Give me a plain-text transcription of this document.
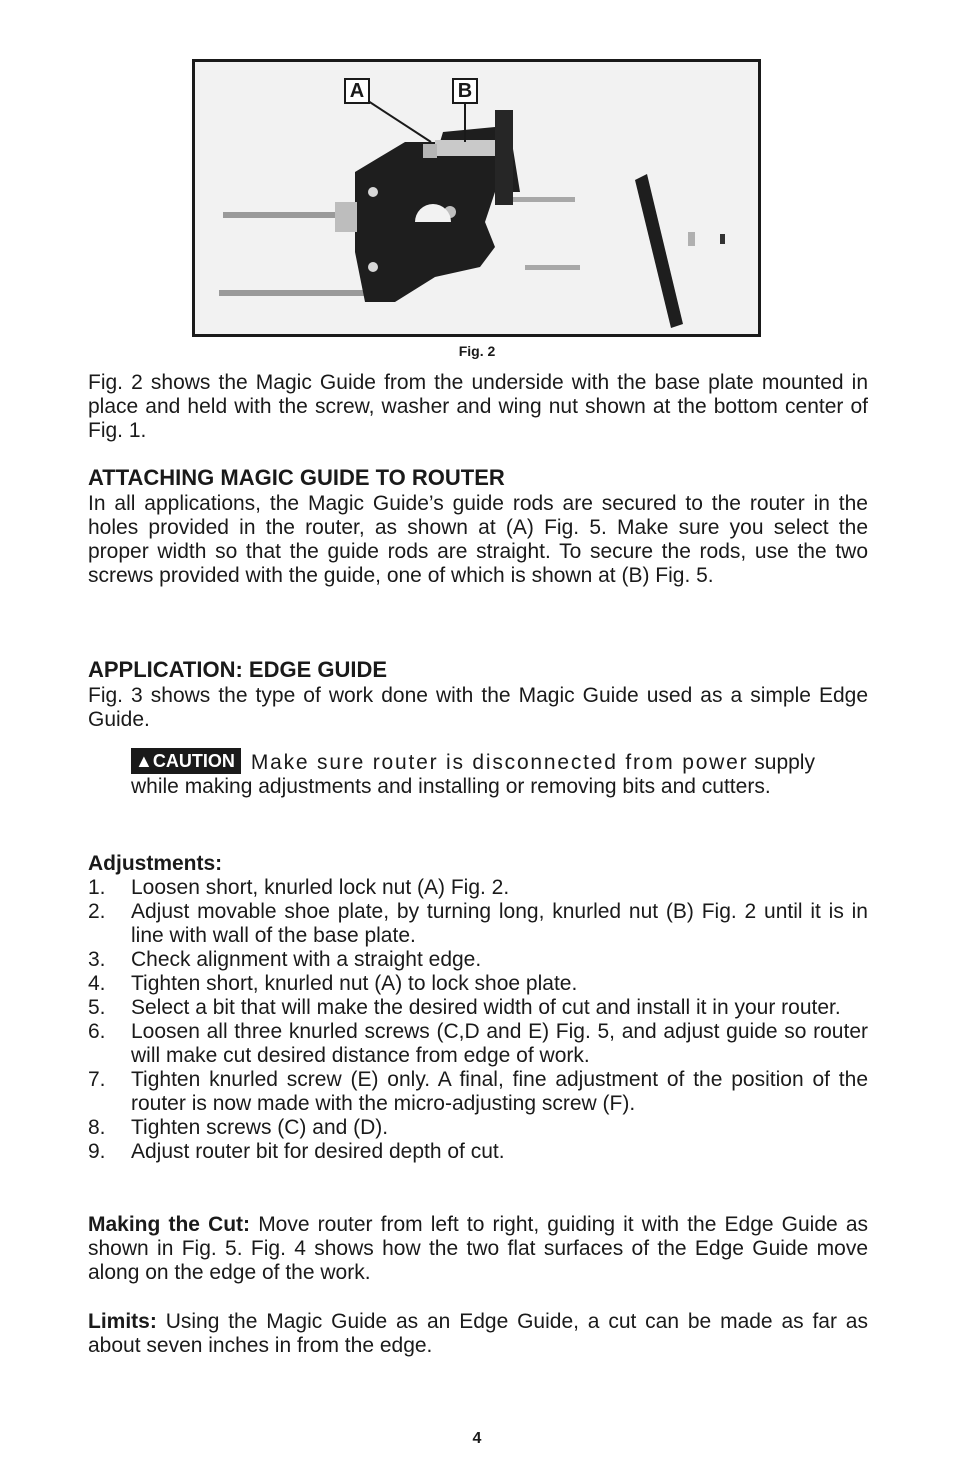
A	B
Fig. 2

Fig. 2 shows the Magic Guide from the underside with the base plate mounted in place and held with the screw, washer and wing nut shown at the bottom center of Fig. 1.

ATTACHING MAGIC GUIDE TO ROUTER

In all applications, the Magic Guide’s guide rods are secured to the router in the holes provided in the router, as shown at (A) Fig. 5. Make sure you select the proper width so that the guide rods are straight. To secure the rods, use the two screws provided with the guide, one of which is shown at (B) Fig. 5.

APPLICATION: EDGE GUIDE

Fig. 3 shows the type of work done with the Magic Guide used as a simple Edge Guide.

▲CAUTION Make sure router is disconnected from power supply while making adjustments and installing or removing bits and cutters.

Adjustments:

1.	Loosen short, knurled lock nut (A) Fig. 2.
2.	Adjust movable shoe plate, by turning long, knurled nut (B) Fig. 2 until it is in line with wall of the base plate.
3.	Check alignment with a straight edge.
4.	Tighten short, knurled nut (A) to lock shoe plate.
5.	Select a bit that will make the desired width of cut and install it in your router.
6.	Loosen all three knurled screws (C,D and E) Fig. 5, and adjust guide so router will make cut desired distance from edge of work.
7.	Tighten knurled screw (E) only. A final, fine adjustment of the position of the router is now made with the micro-adjusting screw (F).
8.	Tighten screws (C) and (D).
9.	Adjust router bit for desired depth of cut.

Making the Cut: Move router from left to right, guiding it with the Edge Guide as shown in Fig. 5. Fig. 4 shows how the two flat surfaces of the Edge Guide move along on the edge of the work.

Limits: Using the Magic Guide as an Edge Guide, a cut can be made as far as about seven inches in from the edge.

4
